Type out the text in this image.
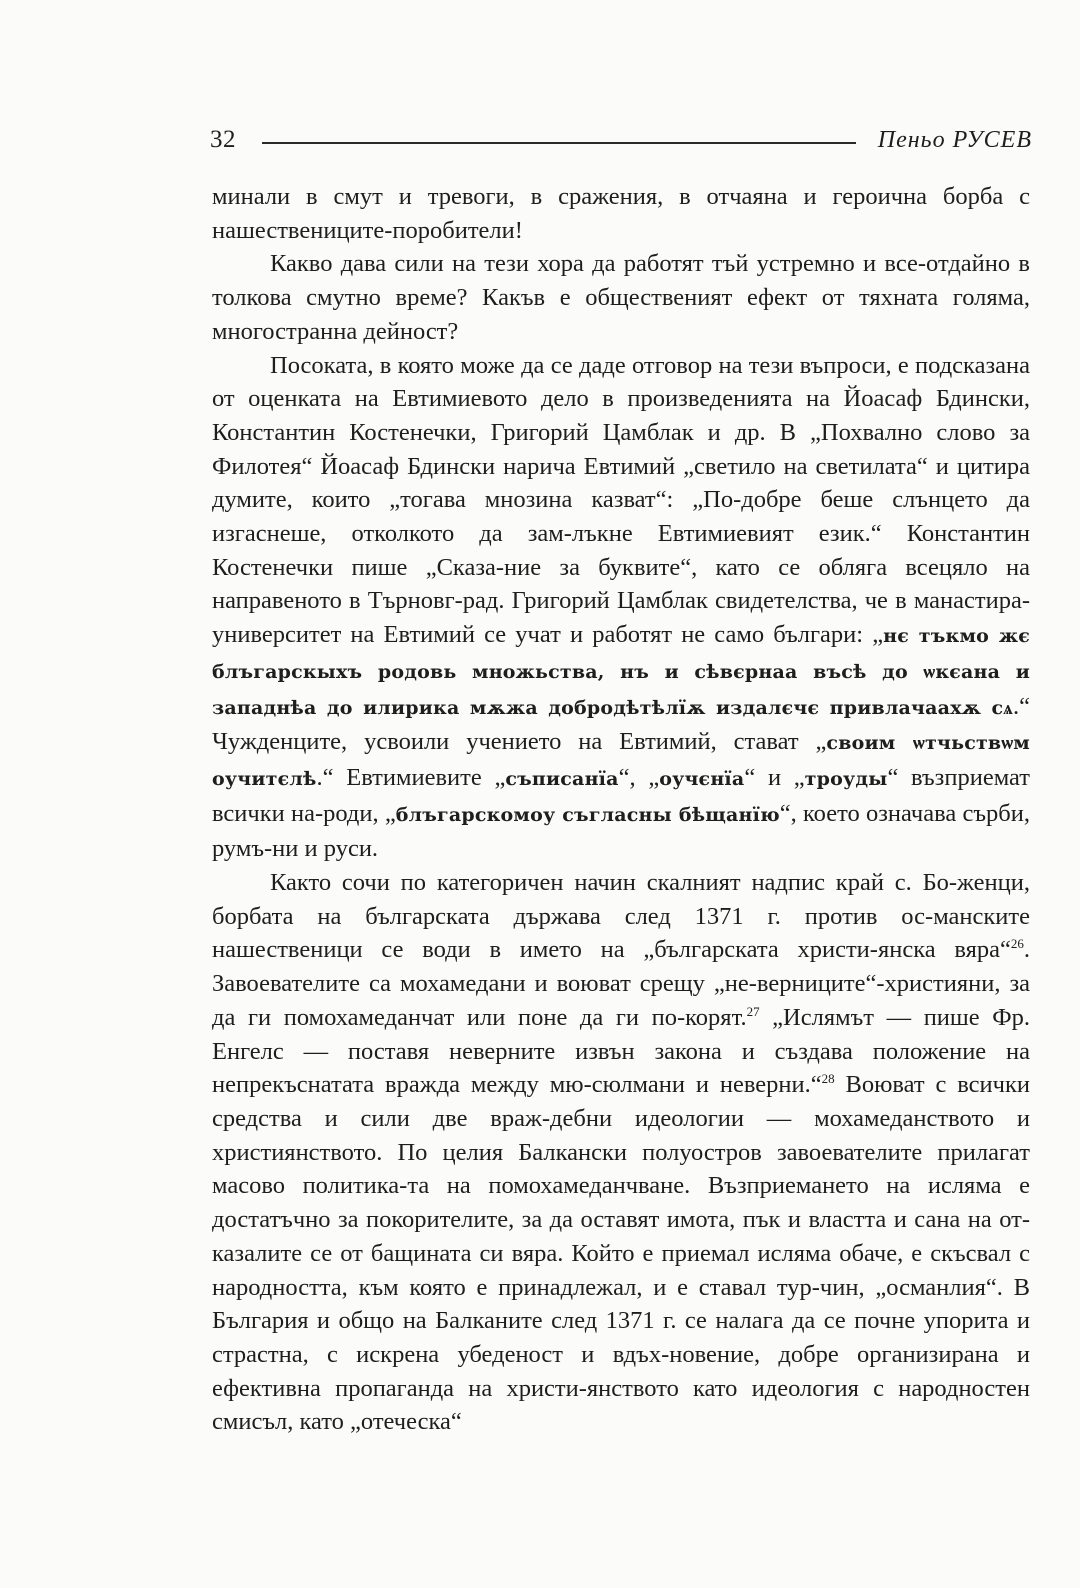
32	Пеньо РУСЕВ

минали в смут и тревоги, в сражения, в отчаяна и героична борба с нашествениците-поробители!

Какво дава сили на тези хора да работят тъй устремно и все-отдайно в толкова смутно време? Какъв е общественият ефект от тяхната голяма, многостранна дейност?

Посоката, в която може да се даде отговор на тези въпроси, е подсказана от оценката на Евтимиевото дело в произведенията на Йоасаф Бдински, Константин Костенечки, Григорий Цамблак и др. В „Похвално слово за Филотея“ Йоасаф Бдински нарича Евтимий „светило на светилата“ и цитира думите, които „тогава мнозина казват“: „По-добре беше слънцето да изгаснеше, отколкото да зам-лъкне Евтимиевият език.“ Константин Костенечки пише „Сказа-ние за буквите“, като се обляга всецяло на направеното в Търновг-рад. Григорий Цамблак свидетелства, че в манастира-университет на Евтимий се учат и работят не само българи: „нє тъкмо жє блъгарскыхъ родовь множьства, нъ и сѣвєрнаа въсѣ до ѡкєана и западнѣа до илирика мѫжа добродѣтѣлїѫ издалєчє привлачаахѫ сѧ.“ Чужденците, усвоили учението на Евтимий, стават „своим ѡтчьствѡм оучитєлѣ.“ Евтимиевите „съписанїа“, „оучєнїа“ и „троуды“ възприемат всички на-роди, „блъгарскомоу съгласны бѣщанїю“, което означава сърби, румъ-ни и руси.

Както сочи по категоричен начин скалният надпис край с. Бо-женци, борбата на българската държава след 1371 г. против ос-манските нашественици се води в името на „българската христи-янска вяра“$^{26}$. Завоевателите са мохамедани и воюват срещу „не-верниците“-християни, за да ги помохамеданчат или поне да ги по-корят.$^{27}$ „Ислямът — пише Фр. Енгелс — поставя неверните извън закона и създава положение на непрекъснатата вражда между мю-сюлмани и неверни.“$^{28}$ Воюват с всички средства и сили две враж-дебни идеологии — мохамеданството и християнството. По целия Балкански полуостров завоевателите прилагат масово политика-та на помохамеданчване. Възприемането на исляма е достатъчно за покорителите, за да оставят имота, пък и властта и сана на от-казалите се от бащината си вяра. Който е приемал исляма обаче, е скъсвал с народността, към която е принадлежал, и е ставал тур-чин, „османлия“. В България и общо на Балканите след 1371 г. се налага да се почне упорита и страстна, с искрена убеденост и вдъх-новение, добре организирана и ефективна пропаганда на христи-янството като идеология с народностен смисъл, като „отеческа“
